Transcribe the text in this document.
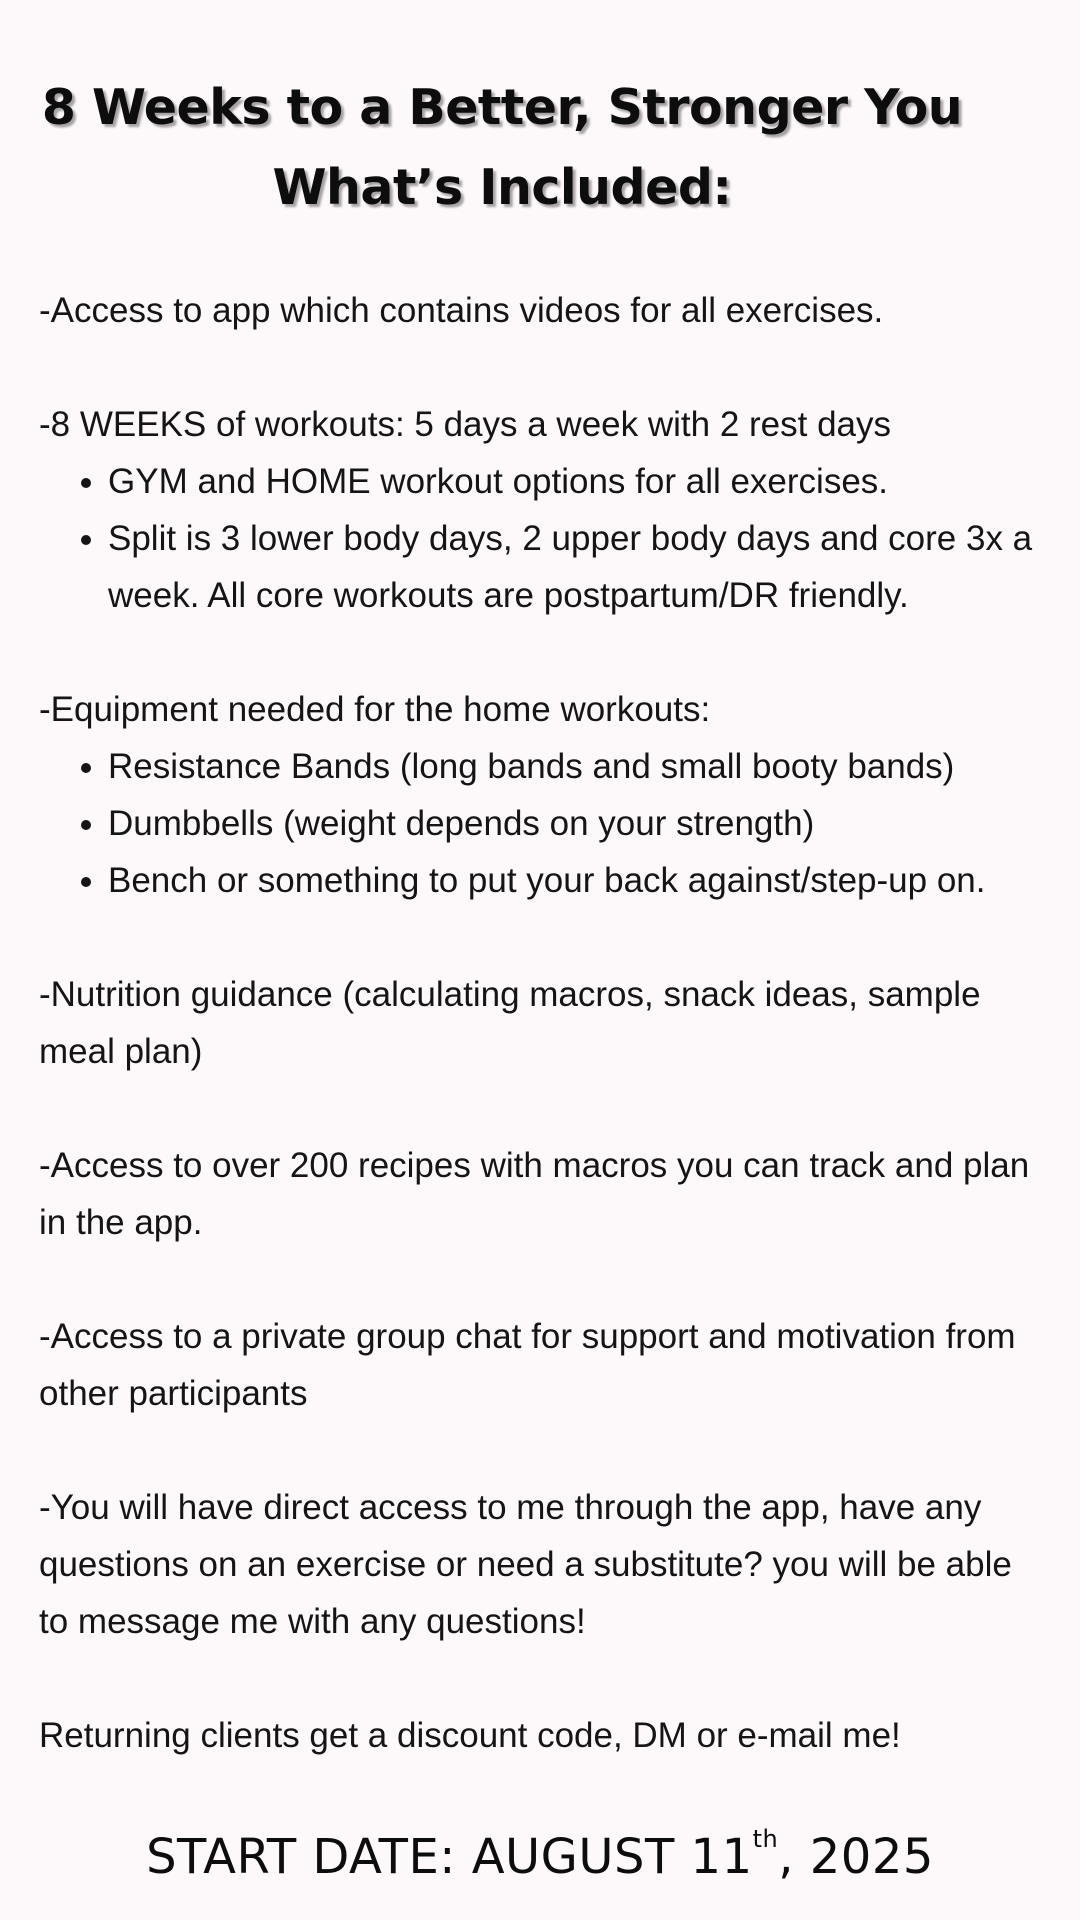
8 Weeks to a Better, Stronger You
What’s Included:

-Access to app which contains videos for all exercises.

-8 WEEKS of workouts: 5 days a week with 2 rest days

• GYM and HOME workout options for all exercises.
• Split is 3 lower body days, 2 upper body days and core 3x a week. All core workouts are postpartum/DR friendly.

-Equipment needed for the home workouts:

• Resistance Bands (long bands and small booty bands)
• Dumbbells (weight depends on your strength)
• Bench or something to put your back against/step-up on.

-Nutrition guidance (calculating macros, snack ideas, sample meal plan)

-Access to over 200 recipes with macros you can track and plan in the app.

-Access to a private group chat for support and motivation from other participants

-You will have direct access to me through the app, have any questions on an exercise or need a substitute? you will be able to message me with any questions!

Returning clients get a discount code, DM or e-mail me!

START DATE: AUGUST 11th, 2025
